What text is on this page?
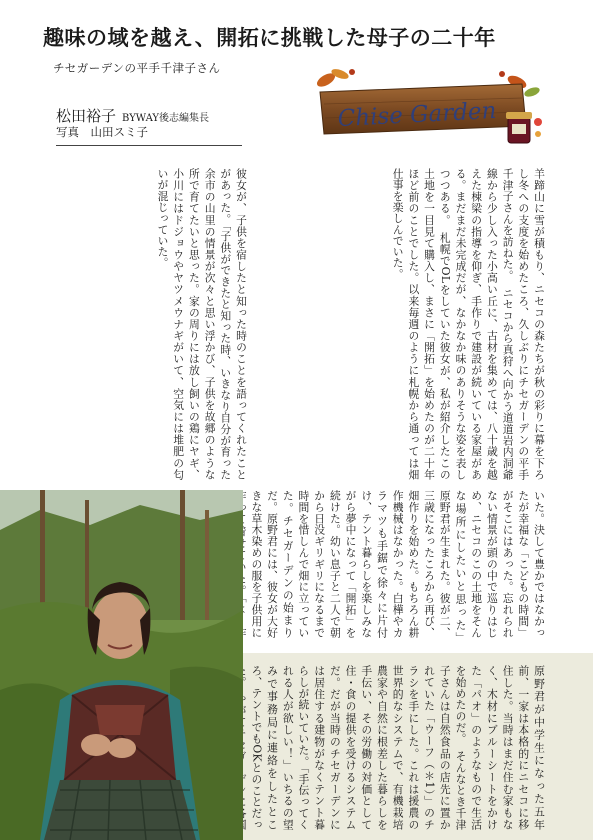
趣味の域を越え、開拓に挑戦した母子の二十年
チセガーデンの平手千津子さん
Chise Garden
松田裕子 BYWAY後志編集長
写真　 山田スミ子
羊蹄山に雪が積もり、ニセコの森たちが秋の彩りに幕を下ろし冬への支度を始めたころ、久しぶりにチセガーデンの平手千津子さんを訪ねた。　ニセコから真狩へ向かう道道岩内洞爺線から少し入った小高い丘に、古材を集めては、八十歳を越えた棟梁の指導を仰ぎ、手作りで建設が続いている家屋がある。まだまだ未完成だが、なかなか味のありそうな姿を表しつつある。　札幌でOLをしていた彼女が、私が紹介したこの土地を一目見て購入し、まさに「開拓」を始めたのが二十年ほど前のことでした。以来毎週のように札幌から通っては畑仕事を楽しんでいた。
彼女が、子供を宿したと知った時のことを語ってくれたことがあった。「子供ができたと知った時、いきなり自分が育った余市の山里の情景が次々と思い浮かび、子供を故郷のような所で育てたいと思った。家の周りには放し飼いの鶏にヤギ、小川にはドジョウやヤツメウナギがいて、空気には堆肥の匂いが混じっていた。
いた。決して豊かではなかったが幸福な「こどもの時間」がそこにはあった。忘れられない情景が頭の中で巡りはじめ、ニセコのこの土地をそんな場所にしたいと思った」　原野君が生まれた。彼が二、三歳になったころから再び、畑作りを始めた。もちろん耕作機械はなかった。白樺やカラマツも手鋸で徐々に片付け、テント暮らしを楽しみながら夢中になって「開拓」を続けた。幼い息子と二人で朝から日没ギリギリになるまで時間を惜しんで畑に立っていた。チセガーデンの始まりだ。原野君には、彼女が大好きな草木染めの服を子供用に　
原野君が中学生になった五年前、一家は本格的にニセコに移住した。当時はまだ住む家もなく、木材にブルーシートをかけた「パオ」のようなもので生活を始めたのだ。　そんなとき千津子さんは自然食品の店先に置かれていた「ウーフ（＊1）」のチラシを手にした。これは援農の世界的なシステムで、有機栽培農家や自然に根差した暮らしを手伝い、その労働の対価として住・食の提供を受けるシステムだ。だが当時のチセガーデンには居住する建物がなくテント暮らしが続いていた。「手伝ってくれる人が欲しい！」いちるの望みで事務局に連絡をしたところ、テントでもOKとのことだっ　
